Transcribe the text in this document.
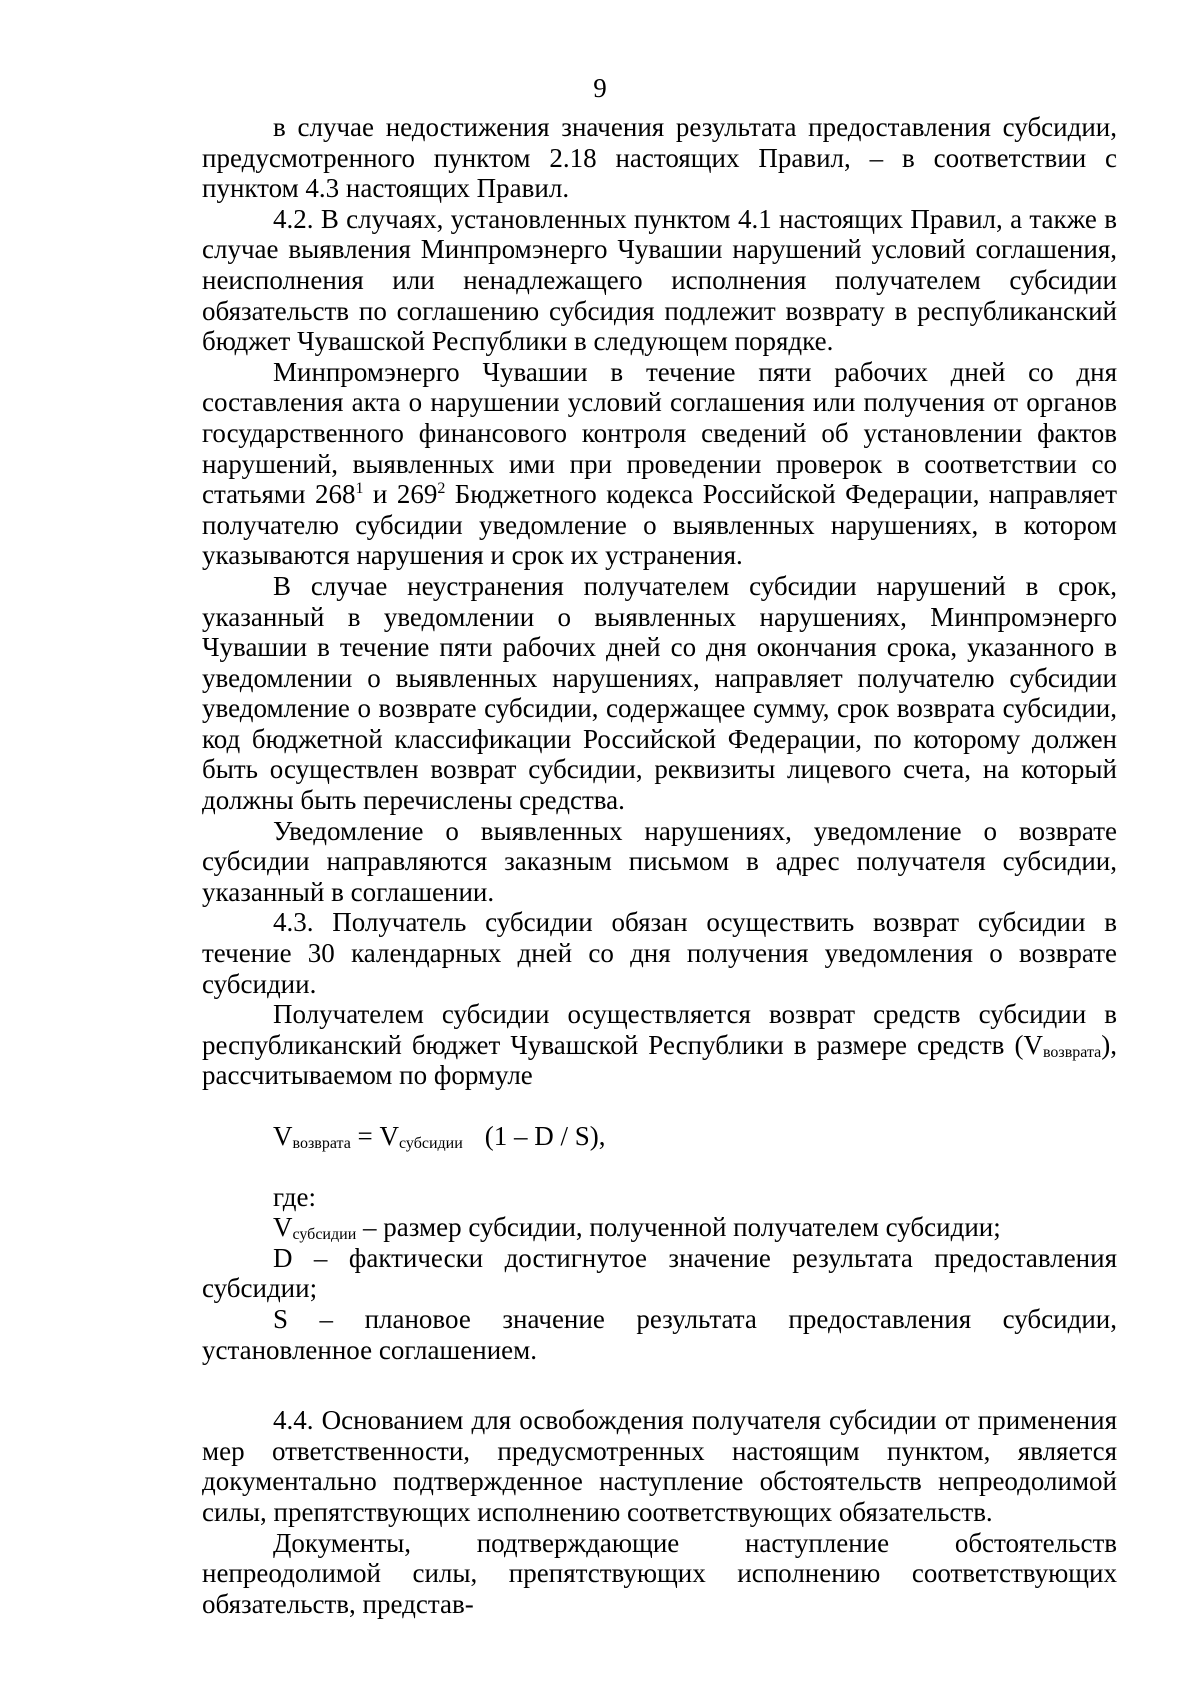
9

в случае недостижения значения результата предоставления субсидии, предусмотренного пунктом 2.18 настоящих Правил, – в соответствии с пунктом 4.3 настоящих Правил.

4.2. В случаях, установленных пунктом 4.1 настоящих Правил, а также в случае выявления Минпромэнерго Чувашии нарушений условий соглашения, неисполнения или ненадлежащего исполнения получателем субсидии обязательств по соглашению субсидия подлежит возврату в республиканский бюджет Чувашской Республики в следующем порядке.

Минпромэнерго Чувашии в течение пяти рабочих дней со дня составления акта о нарушении условий соглашения или получения от органов государственного финансового контроля сведений об установлении фактов нарушений, выявленных ими при проведении проверок в соответствии со статьями $268^1$ и $269^2$ Бюджетного кодекса Российской Федерации, направляет получателю субсидии уведомление о выявленных нарушениях, в котором указываются нарушения и срок их устранения.

В случае неустранения получателем субсидии нарушений в срок, указанный в уведомлении о выявленных нарушениях, Минпромэнерго Чувашии в течение пяти рабочих дней со дня окончания срока, указанного в уведомлении о выявленных нарушениях, направляет получателю субсидии уведомление о возврате субсидии, содержащее сумму, срок возврата субсидии, код бюджетной классификации Российской Федерации, по которому должен быть осуществлен возврат субсидии, реквизиты лицевого счета, на который должны быть перечислены средства.

Уведомление о выявленных нарушениях, уведомление о возврате субсидии направляются заказным письмом в адрес получателя субсидии, указанный в соглашении.

4.3. Получатель субсидии обязан осуществить возврат субсидии в течение 30 календарных дней со дня получения уведомления о возврате субсидии.

Получателем субсидии осуществляется возврат средств субсидии в республиканский бюджет Чувашской Республики в размере средств $(V_{возврата})$, рассчитываемом по формуле

$V_{возврата} = V_{субсидии}$ (1 – D / S),

где:

$V_{субсидии}$ – размер субсидии, полученной получателем субсидии;

D – фактически достигнутое значение результата предоставления субсидии;

S – плановое значение результата предоставления субсидии, установленное соглашением.

4.4. Основанием для освобождения получателя субсидии от применения мер ответственности, предусмотренных настоящим пунктом, является документально подтвержденное наступление обстоятельств непреодолимой силы, препятствующих исполнению соответствующих обязательств.

Документы, подтверждающие наступление обстоятельств непреодолимой силы, препятствующих исполнению соответствующих обязательств, представ-
